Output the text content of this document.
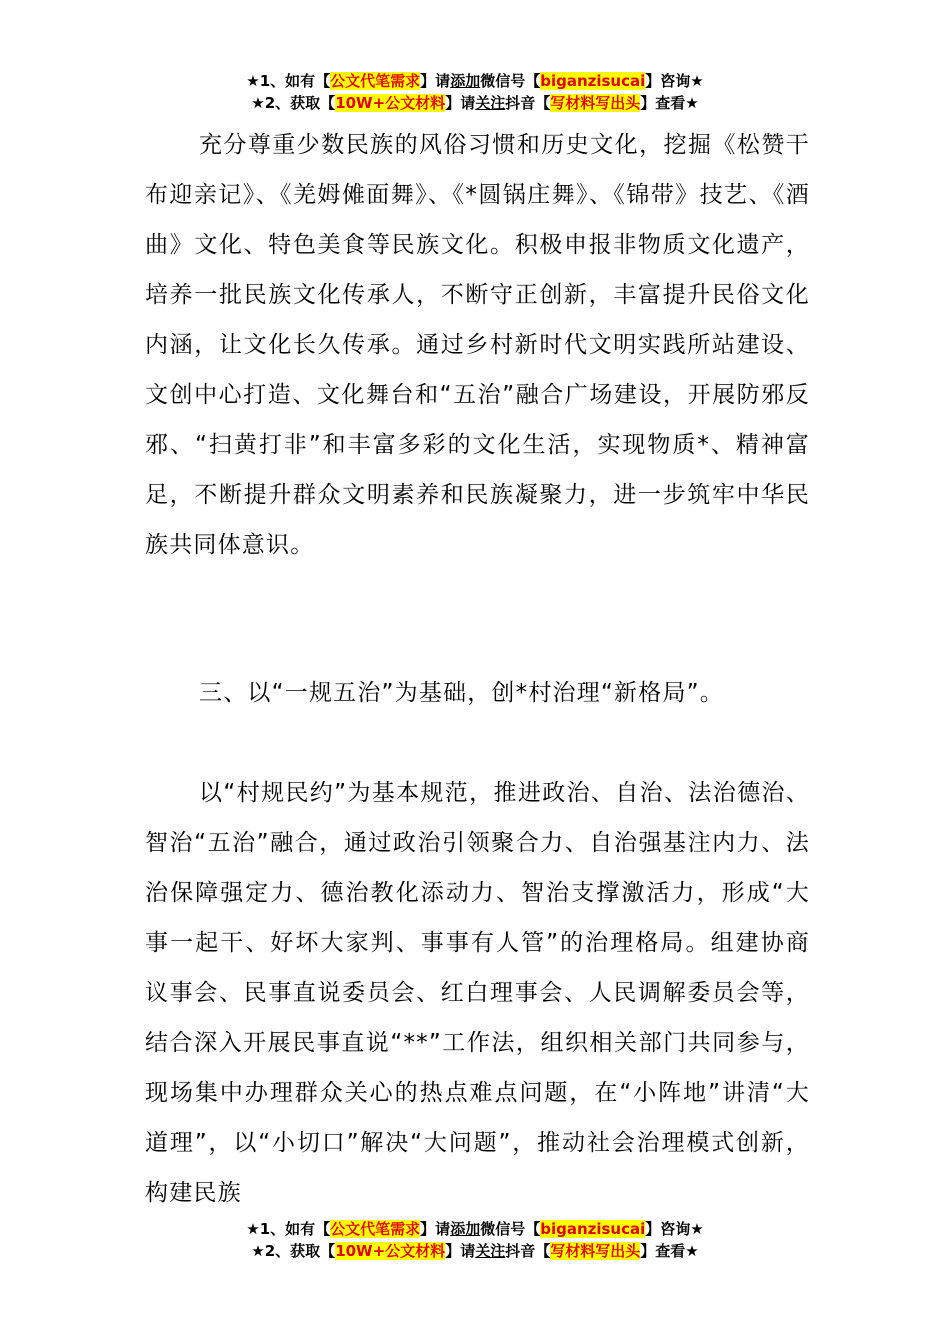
★1、如有【公文代笔需求】请添加微信号【biganzisucai】咨询★
★2、获取【10W+公文材料】请关注抖音【写材料写出头】查看★

充分尊重少数民族的风俗习惯和历史文化，挖掘《松赞干布迎亲记》、《羌姆傩面舞》、《*圆锅庄舞》、《锦带》技艺、《酒曲》文化、特色美食等民族文化。积极申报非物质文化遗产，培养一批民族文化传承人，不断守正创新，丰富提升民俗文化内涵，让文化长久传承。通过乡村新时代文明实践所站建设、文创中心打造、文化舞台和“五治”融合广场建设，开展防邪反邪、“扫黄打非”和丰富多彩的文化生活，实现物质*、精神富足，不断提升群众文明素养和民族凝聚力，进一步筑牢中华民族共同体意识。

三、以“一规五治”为基础，创*村治理“新格局”。

以“村规民约”为基本规范，推进政治、自治、法治德治、智治“五治”融合，通过政治引领聚合力、自治强基注内力、法治保障强定力、德治教化添动力、智治支撑激活力，形成“大事一起干、好坏大家判、事事有人管”的治理格局。组建协商议事会、民事直说委员会、红白理事会、人民调解委员会等，结合深入开展民事直说“**”工作法，组织相关部门共同参与，现场集中办理群众关心的热点难点问题，在“小阵地”讲清“大道理”，以“小切口”解决“大问题”，推动社会治理模式创新，构建民族

★1、如有【公文代笔需求】请添加微信号【biganzisucai】咨询★
★2、获取【10W+公文材料】请关注抖音【写材料写出头】查看★
